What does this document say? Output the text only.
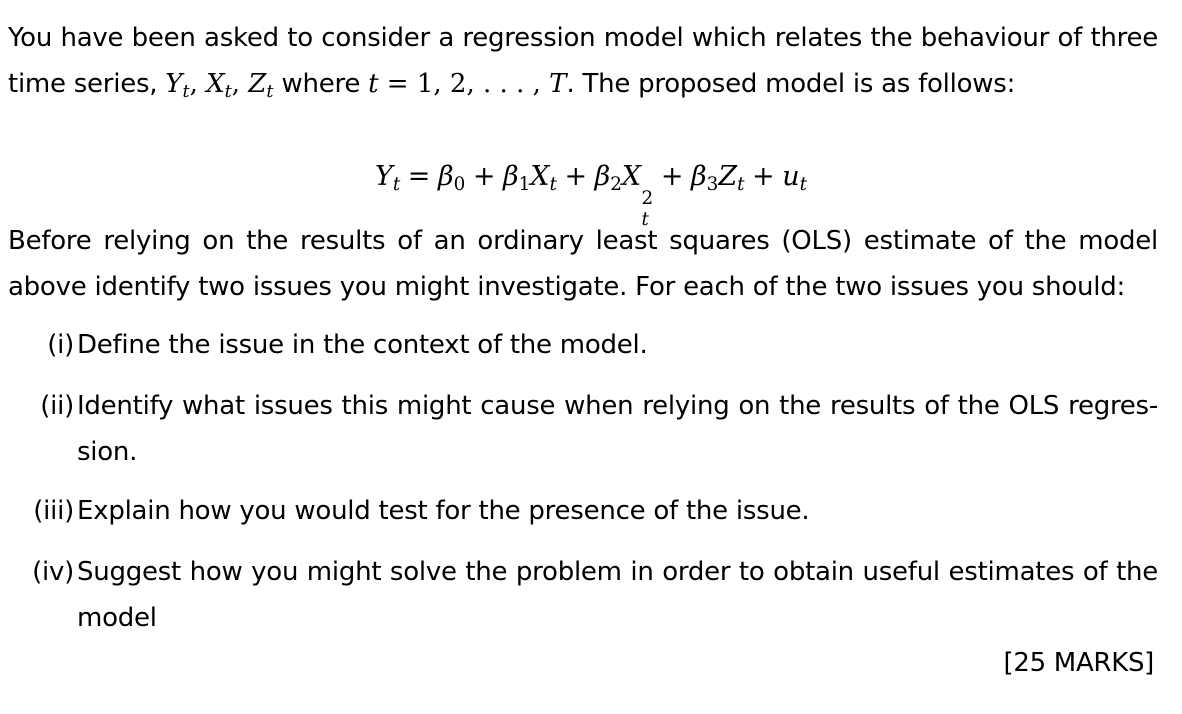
You have been asked to consider a regression model which relates the behaviour of three time series, $Y_t$, $X_t$, $Z_t$ where t = 1, 2, . . . , T. The proposed model is as follows:
$Y_t = \beta_0 + \beta_1X_t + \beta_2X$
2
t
+ $\beta_3Z_t + u_t$
Before relying on the results of an ordinary least squares (OLS) estimate of the model above identify two issues you might investigate. For each of the two issues you should:
(i) Define the issue in the context of the model.
(ii) Identify what issues this might cause when relying on the results of the OLS regres- sion.
(iii) Explain how you would test for the presence of the issue.
(iv) Suggest how you might solve the problem in order to obtain useful estimates of the model
[25 MARKS]
